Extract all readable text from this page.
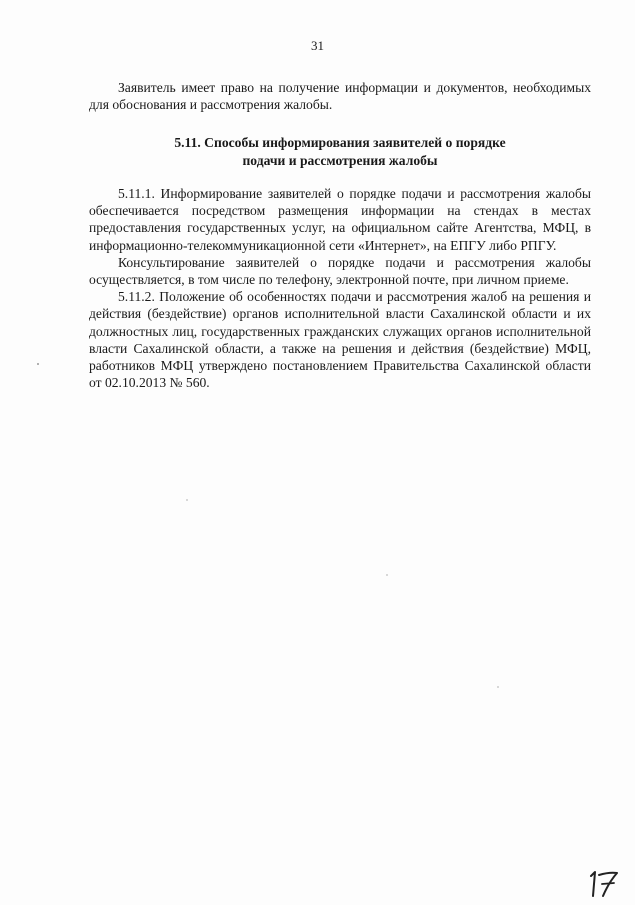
31

Заявитель имеет право на получение информации и документов, необходимых для обоснования и рассмотрения жалобы.

5.11. Способы информирования заявителей о порядке
подачи и рассмотрения жалобы

5.11.1. Информирование заявителей о порядке подачи и рассмотрения жалобы обеспечивается посредством размещения информации на стендах в местах предоставления государственных услуг, на официальном сайте Агентства, МФЦ, в информационно-телекоммуникационной сети «Интернет», на ЕПГУ либо РПГУ.

Консультирование заявителей о порядке подачи и рассмотрения жалобы осуществляется, в том числе по телефону, электронной почте, при личном приеме.

5.11.2. Положение об особенностях подачи и рассмотрения жалоб на решения и действия (бездействие) органов исполнительной власти Сахалинской области и их должностных лиц, государственных гражданских служащих органов исполнительной власти Сахалинской области, а также на решения и действия (бездействие) МФЦ, работников МФЦ утверждено постановлением Правительства Сахалинской области от 02.10.2013 № 560.
